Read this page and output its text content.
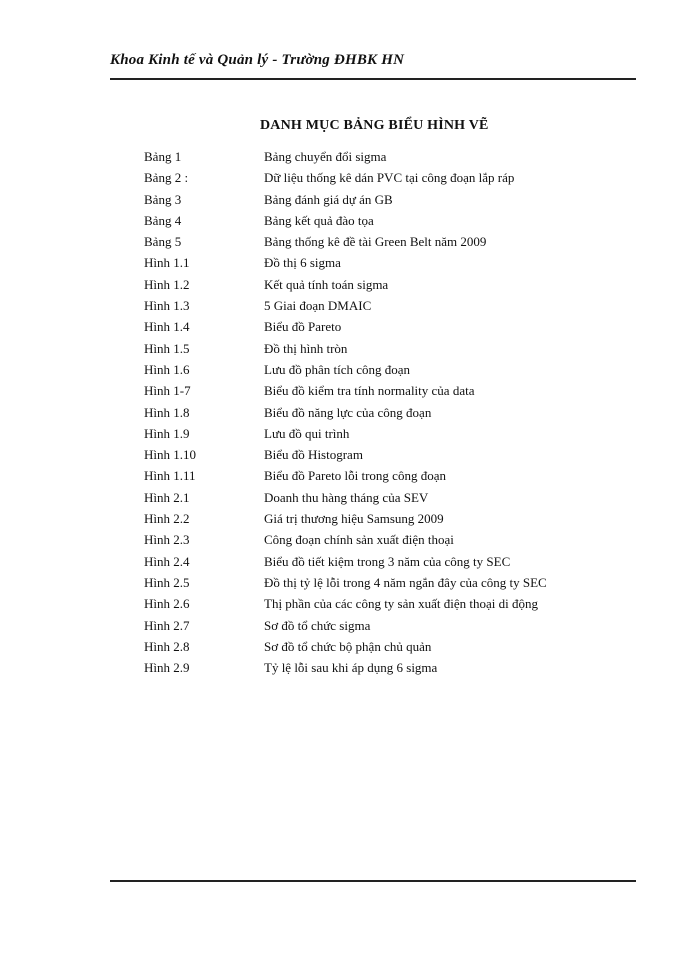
Khoa Kinh tế và Quản lý - Trường ĐHBK HN
DANH MỤC BẢNG BIỂU HÌNH VẼ
Bảng 1	Bảng chuyển đổi sigma
Bảng 2 :	Dữ liệu thống kê dán PVC tại công đoạn lắp ráp
Bảng 3	Bảng đánh giá dự án GB
Bảng 4	Bảng kết quả đào tọa
Bảng 5	Bảng thống kê đề tài Green Belt năm 2009
Hình 1.1	Đồ thị 6 sigma
Hình 1.2	Kết quả tính toán sigma
Hình 1.3	5 Giai đoạn DMAIC
Hình 1.4	Biểu đồ Pareto
Hình 1.5	Đồ thị hình tròn
Hình 1.6	Lưu đồ phân tích công đoạn
Hình 1-7	Biểu đồ kiểm tra tính normality của data
Hình 1.8	Biểu đồ năng lực của công đoạn
Hình 1.9	Lưu đồ qui trình
Hình 1.10	Biểu đồ Histogram
Hình 1.11	Biểu đồ Pareto lỗi trong công đoạn
Hình 2.1	Doanh thu hàng tháng của SEV
Hình 2.2	Giá trị thương hiệu Samsung 2009
Hình 2.3	Công đoạn chính sản xuất điện thoại
Hình 2.4	Biểu đồ tiết kiệm trong 3 năm của công ty SEC
Hình 2.5	Đồ thị tỷ lệ lỗi trong 4 năm ngắn đây của công ty SEC
Hình 2.6	Thị phần của các công ty sản xuất điện thoại di động
Hình 2.7	Sơ đồ tổ chức sigma
Hình 2.8	Sơ đồ tổ chức bộ phận chủ quản
Hình 2.9	Tỷ lệ lỗi sau khi áp dụng 6 sigma
